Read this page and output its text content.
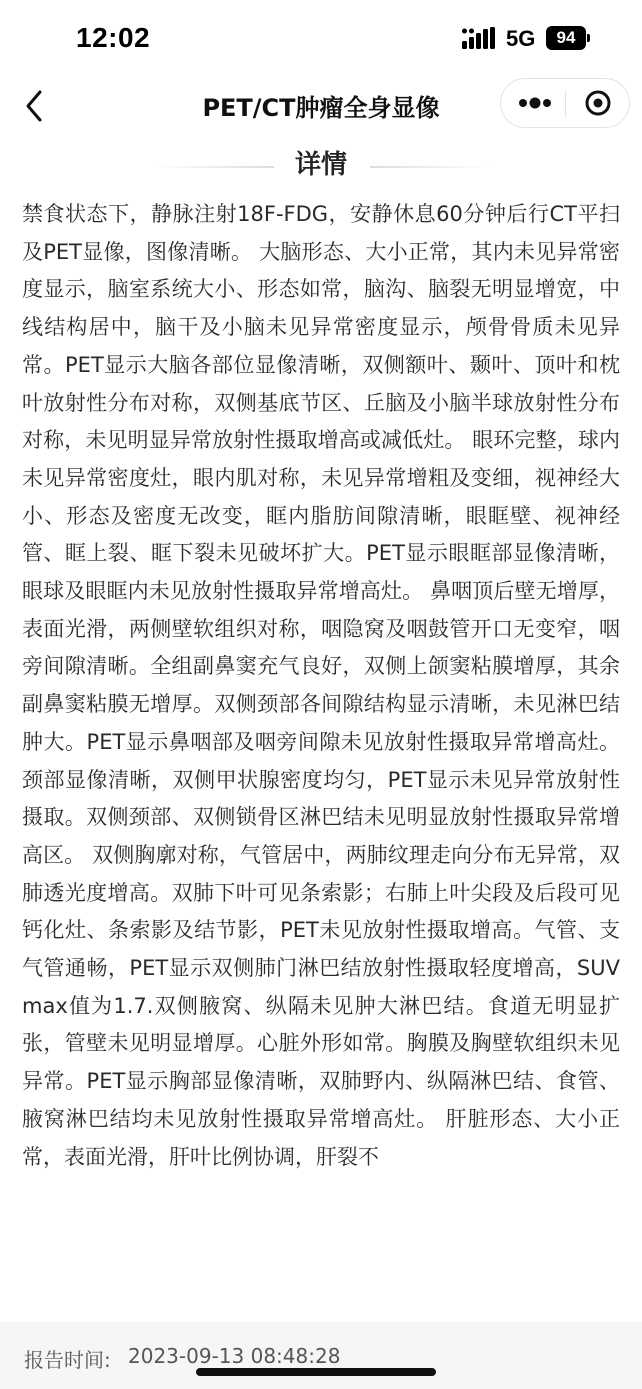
12:02	5G	94
PET/CT肿瘤全身显像
详情

禁食状态下，静脉注射18F-FDG，安静休息60分钟后行CT平扫及PET显像，图像清晰。 大脑形态、大小正常，其内未见异常密度显示，脑室系统大小、形态如常，脑沟、脑裂无明显增宽，中线结构居中，脑干及小脑未见异常密度显示，颅骨骨质未见异常。PET显示大脑各部位显像清晰，双侧额叶、颞叶、顶叶和枕叶放射性分布对称，双侧基底节区、丘脑及小脑半球放射性分布对称，未见明显异常放射性摄取增高或减低灶。 眼环完整，球内未见异常密度灶，眼内肌对称，未见异常增粗及变细，视神经大小、形态及密度无改变，眶内脂肪间隙清晰，眼眶壁、视神经管、眶上裂、眶下裂未见破坏扩大。PET显示眼眶部显像清晰，眼球及眼眶内未见放射性摄取异常增高灶。 鼻咽顶后壁无增厚，表面光滑，两侧壁软组织对称，咽隐窝及咽鼓管开口无变窄，咽旁间隙清晰。全组副鼻窦充气良好，双侧上颌窦粘膜增厚，其余副鼻窦粘膜无增厚。双侧颈部各间隙结构显示清晰，未见淋巴结肿大。PET显示鼻咽部及咽旁间隙未见放射性摄取异常增高灶。颈部显像清晰，双侧甲状腺密度均匀，PET显示未见异常放射性摄取。双侧颈部、双侧锁骨区淋巴结未见明显放射性摄取异常增高区。 双侧胸廓对称，气管居中，两肺纹理走向分布无异常，双肺透光度增高。双肺下叶可见条索影；右肺上叶尖段及后段可见钙化灶、条索影及结节影，PET未见放射性摄取增高。气管、支气管通畅，PET显示双侧肺门淋巴结放射性摄取轻度增高，SUVmax值为1.7.双侧腋窝、纵隔未见肿大淋巴结。食道无明显扩张，管壁未见明显增厚。心脏外形如常。胸膜及胸壁软组织未见异常。PET显示胸部显像清晰，双肺野内、纵隔淋巴结、食管、腋窝淋巴结均未见放射性摄取异常增高灶。 肝脏形态、大小正常，表面光滑，肝叶比例协调，肝裂不

报告时间: 2023-09-13 08:48:28
